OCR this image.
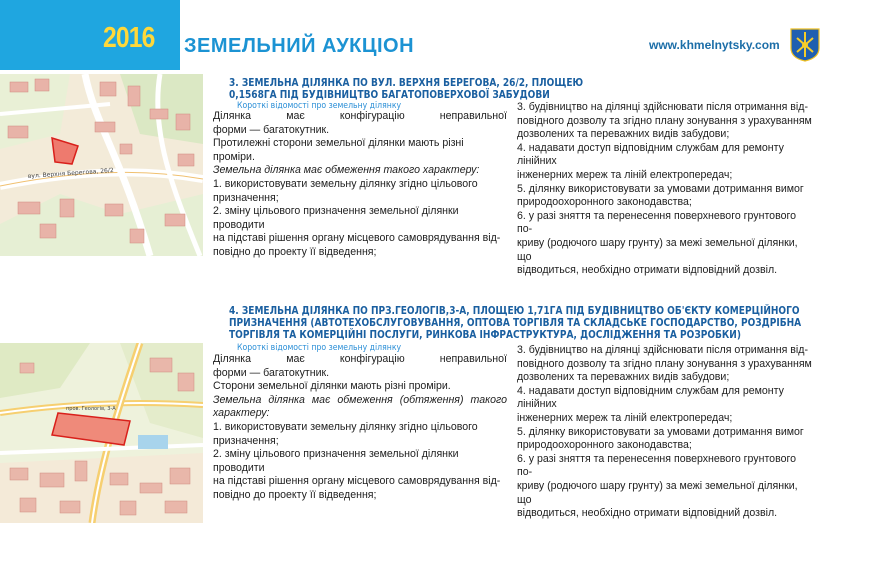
2016 ЗЕМЕЛЬНИЙ АУКЦІОН	www.khmelnytsky.com
вул. Верхня Берегова, 26/2
3. ЗЕМЕЛЬНА ДІЛЯНКА ПО ВУЛ. ВЕРХНЯ БЕРЕГОВА, 26/2, ПЛОЩЕЮ
0,1568ГА ПІД БУДІВНИЦТВО БАГАТОПОВЕРХОВОЇ ЗАБУДОВИ
Короткі відомості про земельну ділянку

Ділянка має конфігурацію неправильної

форми — багатокутник.

Протилежні сторони земельної ділянки мають різні проміри.

Земельна ділянка має обмеження такого характеру:

1. використовувати земельну ділянку згідно цільового

призначення;

2. зміну цільового призначення земельної ділянки проводити

на підставі рішення органу місцевого самоврядування від-

повідно до проекту її відведення;

3. будівництво на ділянці здійснювати після отримання від-

повідного дозволу та згідно плану зонування з урахуванням

дозволених та переважних видів забудови;

4. надавати доступ відповідним службам для ремонту лінійних

інженерних мереж та ліній електропередач;

5. ділянку використовувати за умовами дотримання вимог

природоохоронного законодавства;

6. у разі зняття та перенесення поверхневого грунтового по-

криву (родючого шару грунту) за межі земельної ділянки, що

відводиться, необхідно отримати відповідний дозвіл.

пров. Геологів, 3-А
4. ЗЕМЕЛЬНА ДІЛЯНКА ПО ПРЗ.ГЕОЛОГІВ,3-А, ПЛОЩЕЮ 1,71ГА ПІД БУДІВНИЦТВО ОБ'ЄКТУ КОМЕРЦІЙНОГО
ПРИЗНАЧЕННЯ (АВТОТЕХОБСЛУГОВУВАННЯ, ОПТОВА ТОРГІВЛЯ ТА СКЛАДСЬКЕ ГОСПОДАРСТВО, РОЗДРІБНА
ТОРГІВЛЯ ТА КОМЕРЦІЙНІ ПОСЛУГИ, РИНКОВА ІНФРАСТРУКТУРА, ДОСЛІДЖЕННЯ ТА РОЗРОБКИ)
Короткі відомості про земельну ділянку

Ділянка має конфігурацію неправильної

форми — багатокутник.

Сторони земельної ділянки мають різні проміри.

Земельна ділянка має обмеження (обтяження) такого

характеру:

1. використовувати земельну ділянку згідно цільового

призначення;

2. зміну цільового призначення земельної ділянки проводити

на підставі рішення органу місцевого самоврядування від-

повідно до проекту її відведення;

3. будівництво на ділянці здійснювати після отримання від-

повідного дозволу та згідно плану зонування з урахуванням

дозволених та переважних видів забудови;

4. надавати доступ відповідним службам для ремонту лінійних

інженерних мереж та ліній електропередач;

5. ділянку використовувати за умовами дотримання вимог

природоохоронного законодавства;

6. у разі зняття та перенесення поверхневого грунтового по-

криву (родючого шару грунту) за межі земельної ділянки, що

відводиться, необхідно отримати відповідний дозвіл.
